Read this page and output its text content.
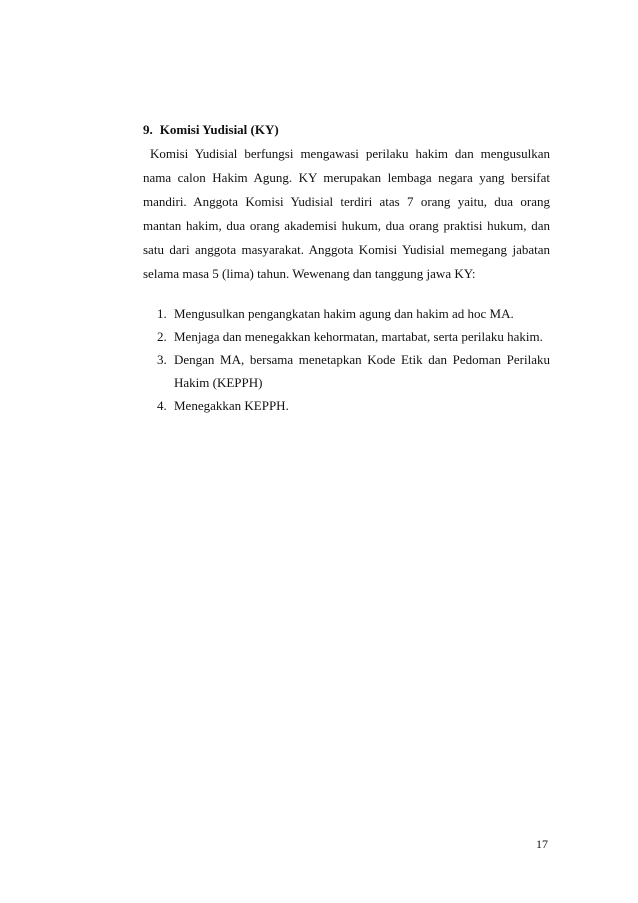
9. Komisi Yudisial (KY)

Komisi Yudisial berfungsi mengawasi perilaku hakim dan mengusulkan nama calon Hakim Agung. KY merupakan lembaga negara yang bersifat mandiri. Anggota Komisi Yudisial terdiri atas 7 orang yaitu, dua orang mantan hakim, dua orang akademisi hukum, dua orang praktisi hukum, dan satu dari anggota masyarakat. Anggota Komisi Yudisial memegang jabatan selama masa 5 (lima) tahun. Wewenang dan tanggung jawa KY:

1. Mengusulkan pengangkatan hakim agung dan hakim ad hoc MA.
2. Menjaga dan menegakkan kehormatan, martabat, serta perilaku hakim.
3. Dengan MA, bersama menetapkan Kode Etik dan Pedoman Perilaku Hakim (KEPPH)
4. Menegakkan KEPPH.
17
